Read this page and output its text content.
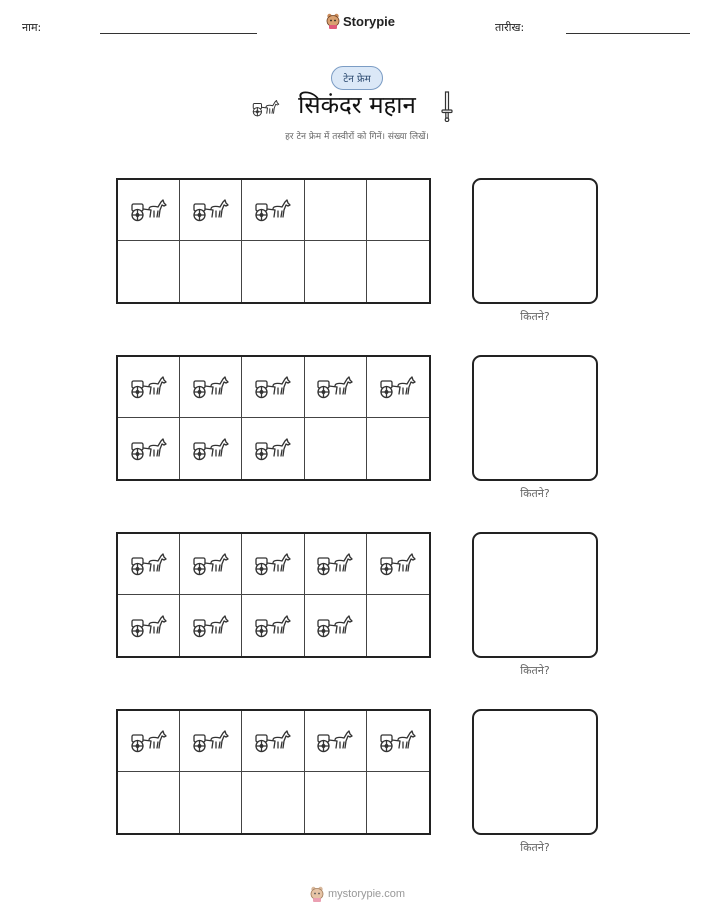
नाम:	Storypie	तारीख:
टेन फ्रेम
सिकंदर महान
हर टेन फ्रेम में तस्वीरों को गिनें। संख्या लिखें।
कितने?
कितने?
कितने?
कितने?
mystorypie.com
